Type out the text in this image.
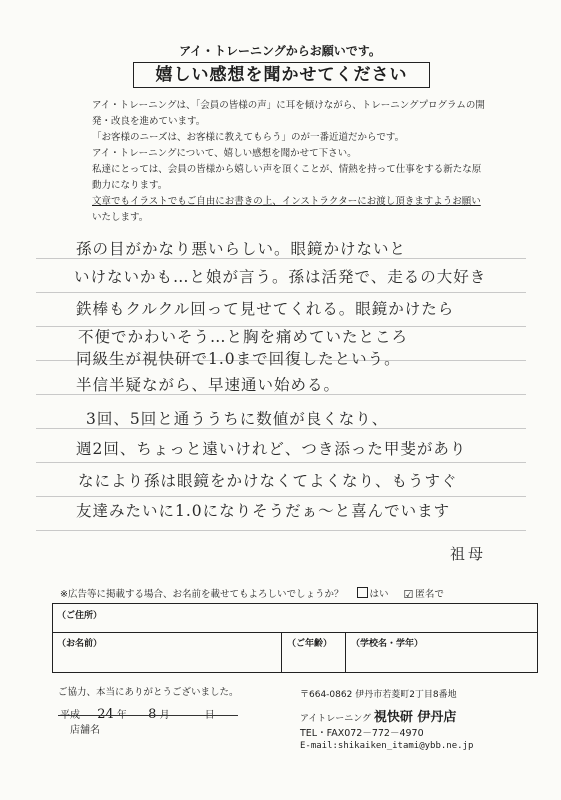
アイ・トレーニングからお願いです。
嬉しい感想を聞かせてください

アイ・トレーニングは、「会員の皆様の声」に耳を傾けながら、トレーニングプログラムの開

発・改良を進めています。

「お客様のニーズは、お客様に教えてもらう」のが一番近道だからです。

アイ・トレーニングについて、嬉しい感想を聞かせて下さい。

私達にとっては、会員の皆様から嬉しい声を頂くことが、情熱を持って仕事をする新たな原

動力になります。

文章でもイラストでもご自由にお書きの上、インストラクターにお渡し頂きますようお願い

いたします。

孫の目がかなり悪いらしい。眼鏡かけないと
いけないかも…と娘が言う。孫は活発で、走るの大好き
鉄棒もクルクル回って見せてくれる。眼鏡かけたら
不便でかわいそう…と胸を痛めていたところ
同級生が視快研で1.0まで回復したという。
半信半疑ながら、早速通い始める。
3回、5回と通ううちに数値が良くなり、
週2回、ちょっと遠いけれど、つき添った甲斐があり
なにより孫は眼鏡をかけなくてよくなり、もうすぐ
友達みたいに1.0になりそうだぁ〜と喜んでいます
祖母
※広告等に掲載する場合、お名前を載せてもよろしいでしょうか？	はい ☑ 匿名で
（ご住所）
（お名前）	（ご年齢） （学校名・学年）
ご協力、本当にありがとうございました。
平成 24 年 8 月	日
店舗名
〒664-0862 伊丹市若菱町2丁目8番地
アイトレーニング 視快研 伊丹店
TEL・FAX072－772－4970
E-mail:shikaiken_itami@ybb.ne.jp
